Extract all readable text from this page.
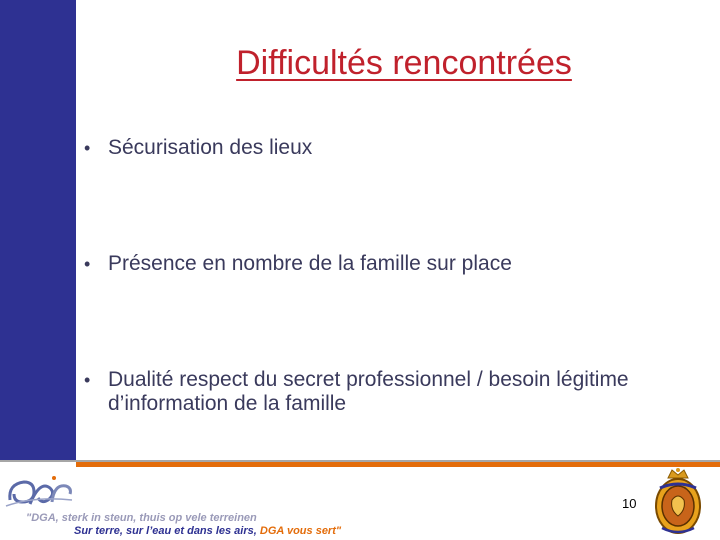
Difficultés rencontrées
• Sécurisation des lieux
• Présence en nombre de la famille sur place
• Dualité respect du secret professionnel / besoin légitime d’information de la famille
"DGA, sterk in steun, thuis op vele terreinen
Sur terre, sur l’eau et dans les airs, DGA vous sert"
10
